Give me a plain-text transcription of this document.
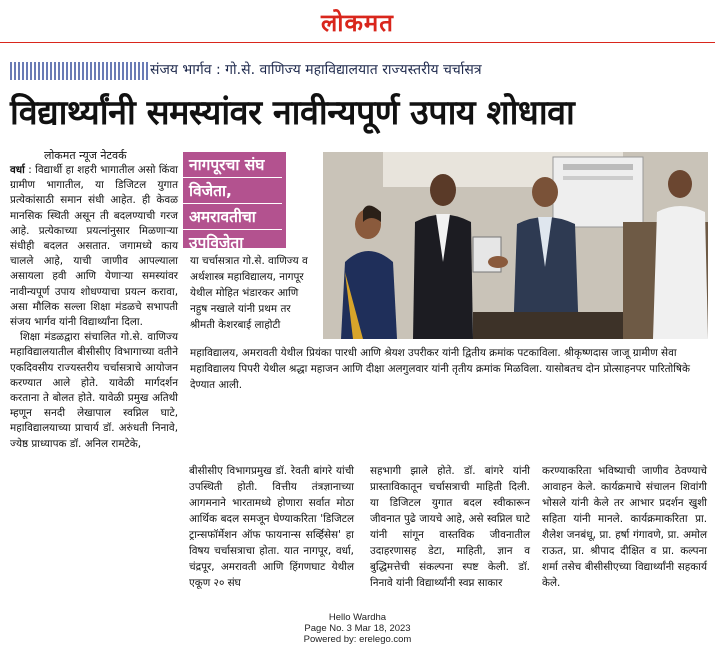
लोकमत
संजय भार्गव : गो.से. वाणिज्य महाविद्यालयात राज्यस्तरीय चर्चासत्र
विद्यार्थ्यांनी समस्यांवर नावीन्यपूर्ण उपाय शोधावा
लोकमत न्यूज नेटवर्क

वर्धा : विद्यार्थी हा शहरी भागातील असो किंवा ग्रामीण भागातील, या डिजिटल युगात प्रत्येकांसाठी समान संधी आहेत. ही केवळ मानसिक स्थिती असून ती बदलण्याची गरज आहे. प्रत्येकाच्या प्रयत्नांनुसार मिळणाऱ्या संधीही बदलत असतात. जगामध्ये काय चालले आहे, याची जाणीव आपल्याला असायला हवी आणि येणाऱ्या समस्यांवर नावीन्यपूर्ण उपाय शोधण्याचा प्रयत्न करावा, असा मौलिक सल्ला शिक्षा मंडळचे सभापती संजय भार्गव यांनी विद्यार्थ्यांना दिला.

शिक्षा मंडळद्वारा संचालित गो.से. वाणिज्य महाविद्यालयातील बीसीसीए विभागाच्या वतीने एकदिवसीय राज्यस्तरीय चर्चासत्राचे आयोजन करण्यात आले होते. यावेळी मार्गदर्शन करताना ते बोलत होते. यावेळी प्रमुख अतिथी म्हणून सनदी लेखापाल स्वप्निल घाटे, महाविद्यालयाच्या प्राचार्य डॉ. अरुंधती निनावे, ज्येष्ठ प्राध्यापक डॉ. अनिल रामटेके,

नागपूरचा संघ
विजेता,
अमरावतीचा
उपविजेता
या चर्चासत्रात गो.से. वाणिज्य व अर्थशास्त्र महाविद्यालय, नागपूर येथील मोहित भंडारकर आणि नहुष नखाले यांनी प्रथम तर श्रीमती केशरबाई लाहोटी
महाविद्यालय, अमरावती येथील प्रियंका पारधी आणि श्रेयश उपरीकर यांनी द्वितीय क्रमांक पटकाविला. श्रीकृष्णदास जाजू ग्रामीण सेवा महाविद्यालय पिपरी येथील श्रद्धा महाजन आणि दीक्षा अलगुलवार यांनी तृतीय क्रमांक मिळविला. यासोबतच दोन प्रोत्साहनपर पारितोषिके देण्यात आली.
बीसीसीए विभागप्रमुख डॉ. रेवती बांगरे यांची उपस्थिती होती. वित्तीय तंत्रज्ञानाच्या आगमनाने भारतामध्ये होणारा सर्वात मोठा आर्थिक बदल समजून घेण्याकरिता 'डिजिटल ट्रान्सफॉर्मेशन ऑफ फायनान्स सर्व्हिसेस' हा विषय चर्चासत्राचा होता. यात नागपूर, वर्धा, चंद्रपूर, अमरावती आणि हिंगणघाट येथील एकूण २० संघ
सहभागी झाले होते. डॉ. बांगरे यांनी प्रास्ताविकातून चर्चासत्राची माहिती दिली. या डिजिटल युगात बदल स्वीकारून जीवनात पुढे जायचे आहे, असे स्वप्निल घाटे यांनी सांगून वास्तविक जीवनातील उदाहरणासह डेटा, माहिती, ज्ञान व बुद्धिमत्तेची संकल्पना स्पष्ट केली. डॉ. निनावे यांनी विद्यार्थ्यांनी स्वप्न साकार
करण्याकरिता भविष्याची जाणीव ठेवण्याचे आवाहन केले. कार्यक्रमाचे संचालन शिवांगी भोसले यांनी केले तर आभार प्रदर्शन खुशी सहिता यांनी मानले. कार्यक्रमाकरिता प्रा. शैलेश जनबंधू, प्रा. हर्षा गंगावणे, प्रा. अमोल राऊत, प्रा. श्रीपाद दीक्षित व प्रा. कल्पना शर्मा तसेच बीसीसीएच्या विद्यार्थ्यांनी सहकार्य केले.
Hello Wardha
Page No. 3 Mar 18, 2023
Powered by: erelego.com
